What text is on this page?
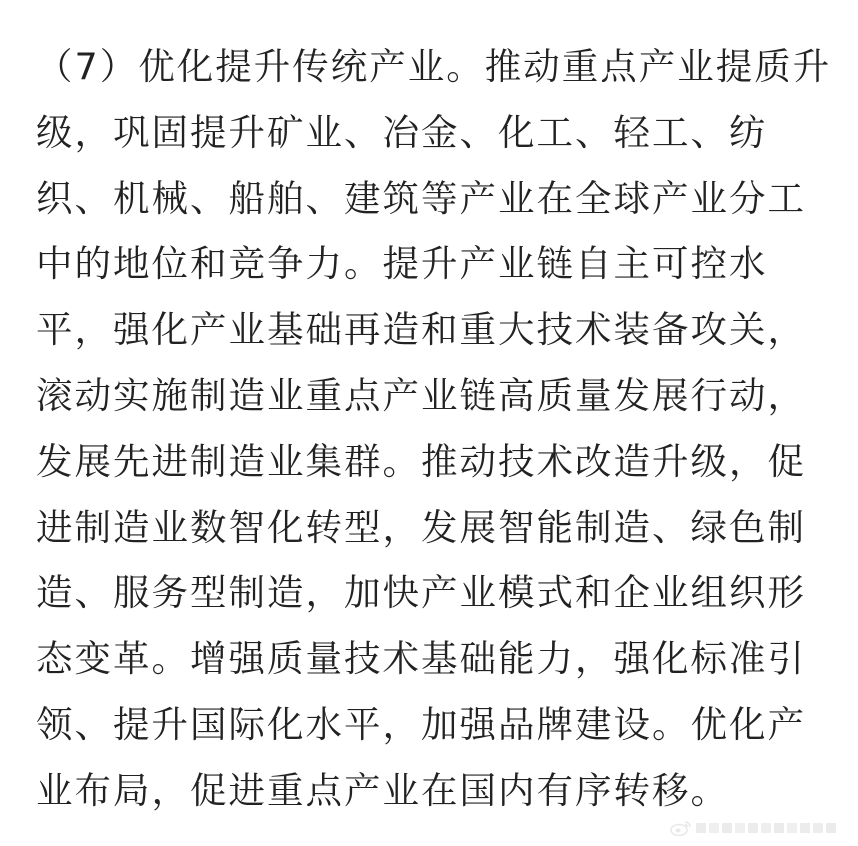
（7）优化提升传统产业。推动重点产业提质升
级，巩固提升矿业、冶金、化工、轻工、纺
织、机械、船舶、建筑等产业在全球产业分工
中的地位和竞争力。提升产业链自主可控水
平，强化产业基础再造和重大技术装备攻关，
滚动实施制造业重点产业链高质量发展行动，
发展先进制造业集群。推动技术改造升级，促
进制造业数智化转型，发展智能制造、绿色制
造、服务型制造，加快产业模式和企业组织形
态变革。增强质量技术基础能力，强化标准引
领、提升国际化水平，加强品牌建设。优化产
业布局，促进重点产业在国内有序转移。
